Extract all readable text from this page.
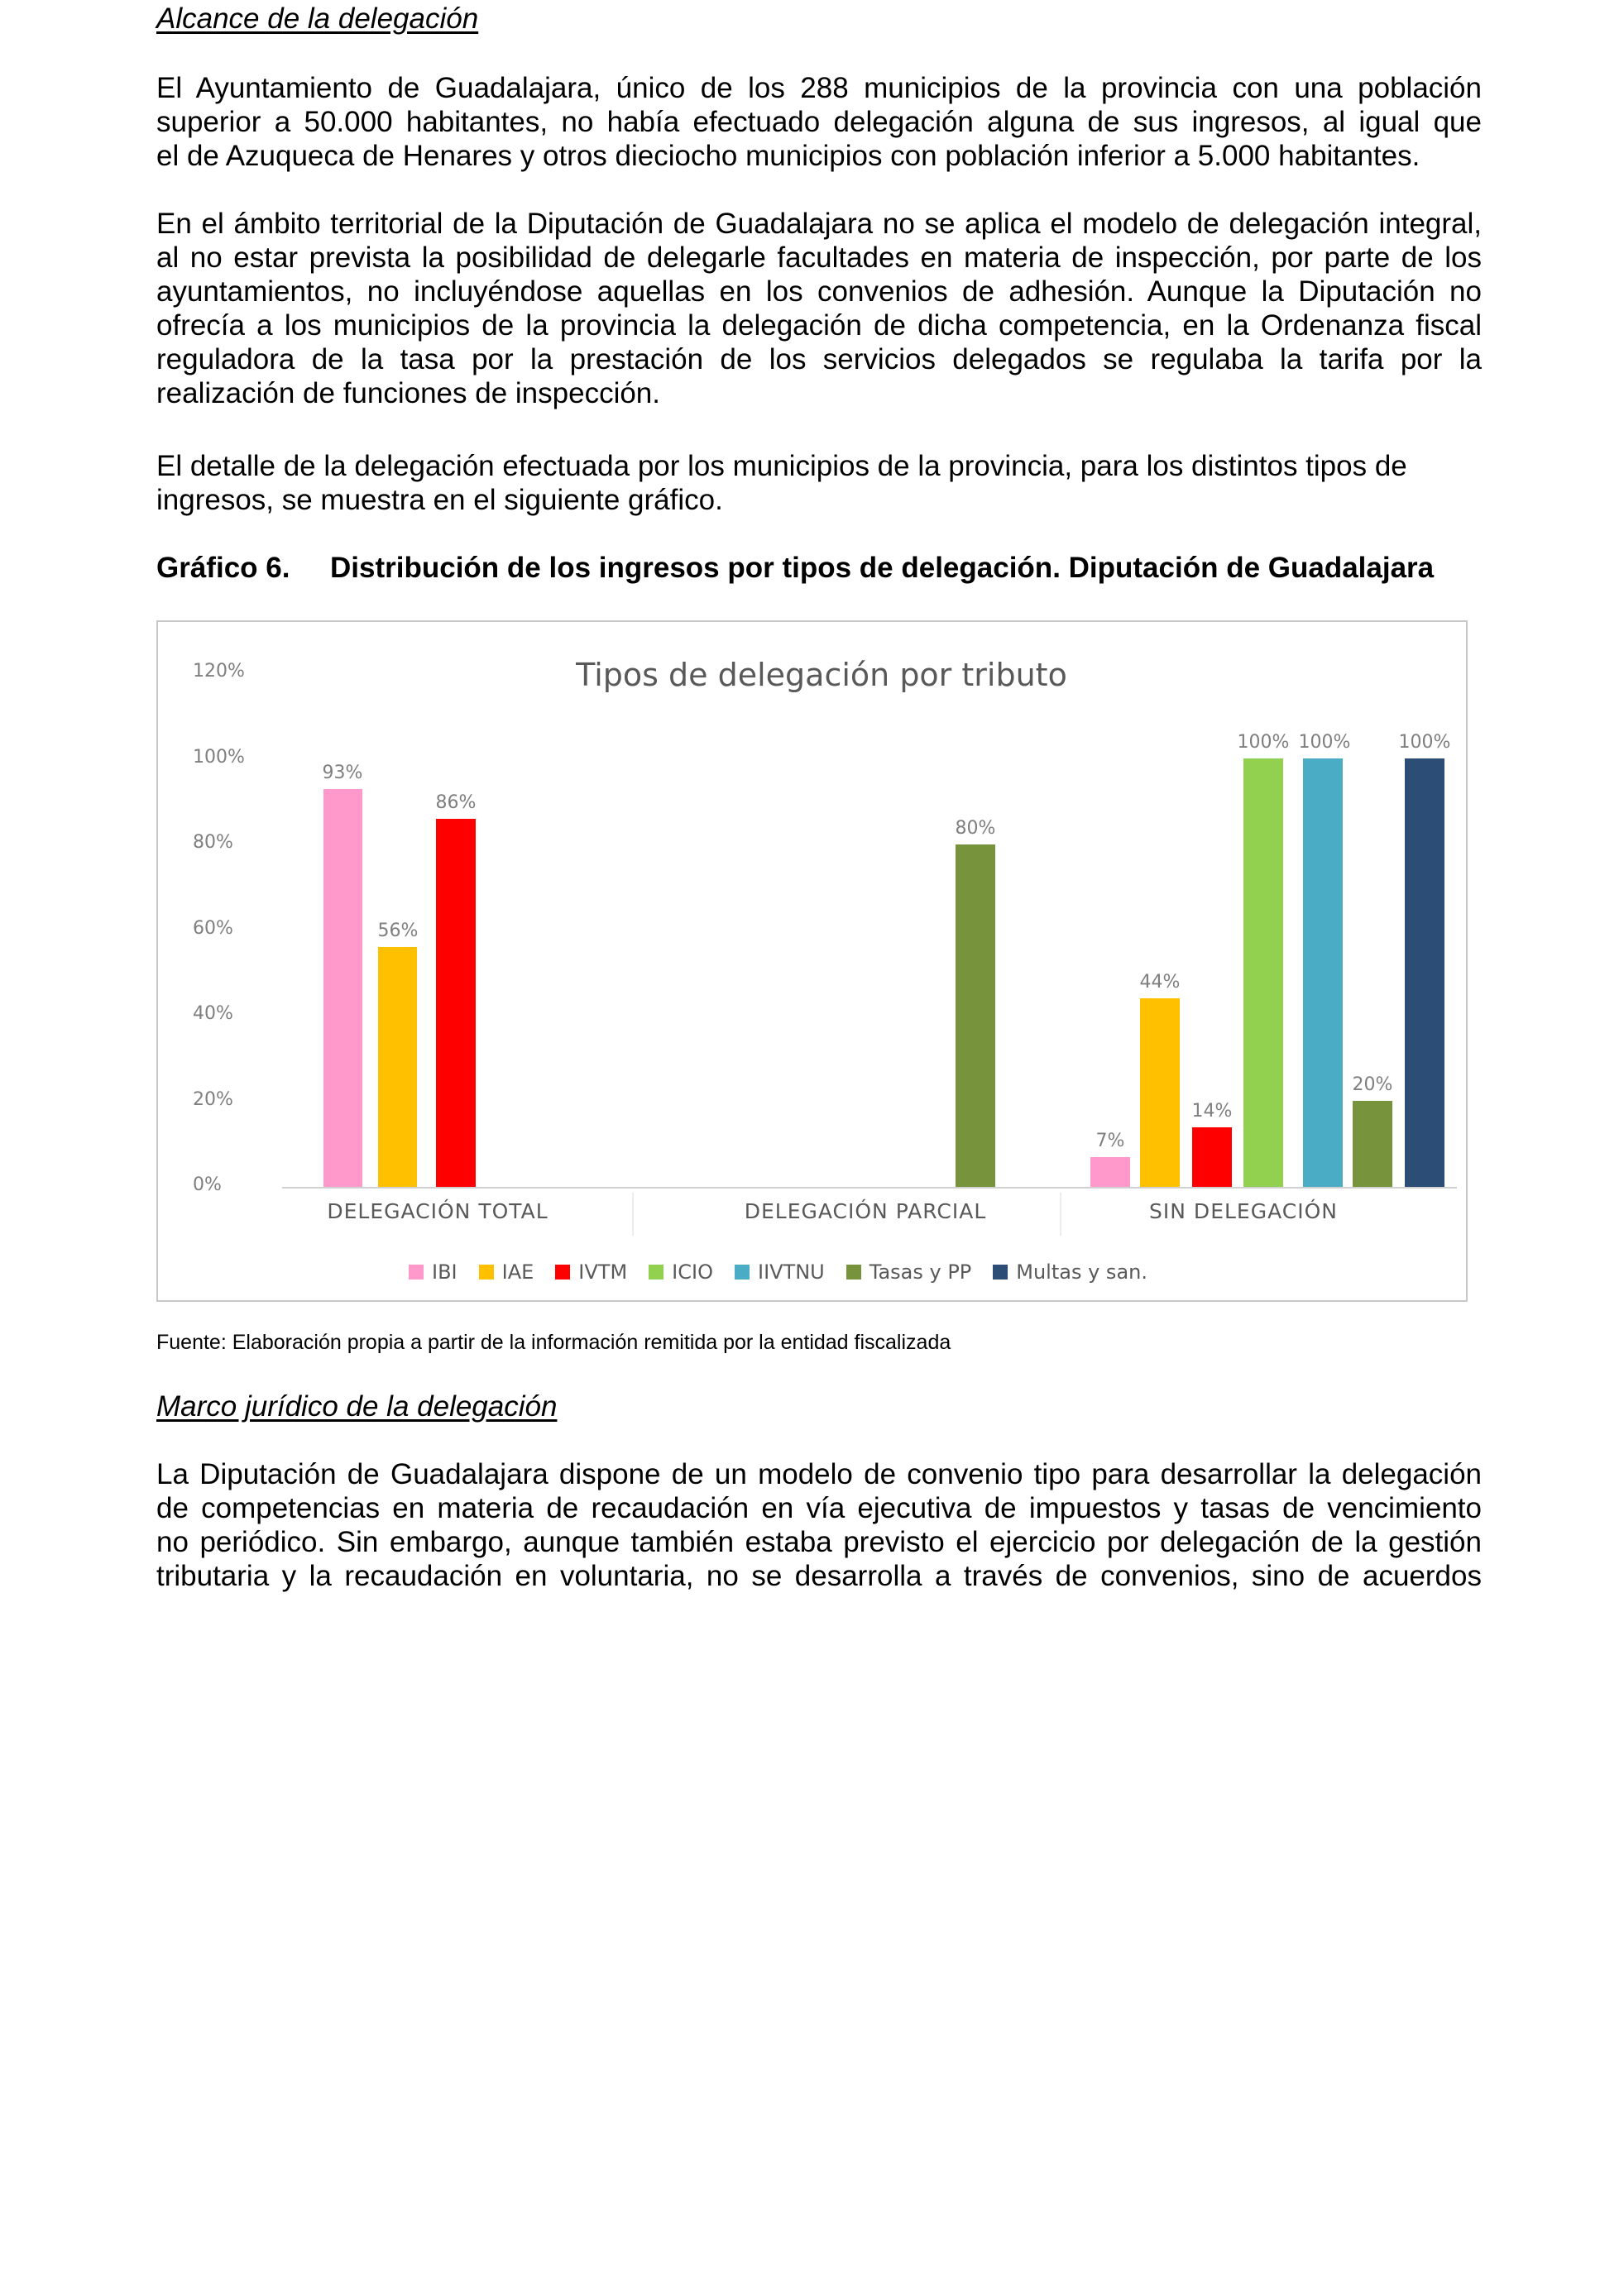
Alcance de la delegación
El Ayuntamiento de Guadalajara, único de los 288 municipios de la provincia con una población
superior a 50.000 habitantes, no había efectuado delegación alguna de sus ingresos, al igual que
el de Azuqueca de Henares y otros dieciocho municipios con población inferior a 5.000 habitantes.
En el ámbito territorial de la Diputación de Guadalajara no se aplica el modelo de delegación integral,
al no estar prevista la posibilidad de delegarle facultades en materia de inspección, por parte de los
ayuntamientos, no incluyéndose aquellas en los convenios de adhesión. Aunque la Diputación no
ofrecía a los municipios de la provincia la delegación de dicha competencia, en la Ordenanza fiscal
reguladora de la tasa por la prestación de los servicios delegados se regulaba la tarifa por la
realización de funciones de inspección.
El detalle de la delegación efectuada por los municipios de la provincia, para los distintos tipos de
ingresos, se muestra en el siguiente gráfico.
Gráfico 6.	Distribución de los ingresos por tipos de delegación. Diputación de Guadalajara
Tipos de delegación por tributo
120%
100%
80%
60%
40%
20%
0%
93%
56%
86%
80%
7%
44%
14%
100% 100%
20%
100%
DELEGACIÓN TOTAL	DELEGACIÓN PARCIAL	SIN DELEGACIÓN
IBI IAE IVTM ICIO IIVTNU Tasas y PP Multas y san.
Fuente: Elaboración propia a partir de la información remitida por la entidad fiscalizada
Marco jurídico de la delegación
La Diputación de Guadalajara dispone de un modelo de convenio tipo para desarrollar la delegación
de competencias en materia de recaudación en vía ejecutiva de impuestos y tasas de vencimiento
no periódico. Sin embargo, aunque también estaba previsto el ejercicio por delegación de la gestión
tributaria y la recaudación en voluntaria, no se desarrolla a través de convenios, sino de acuerdos
